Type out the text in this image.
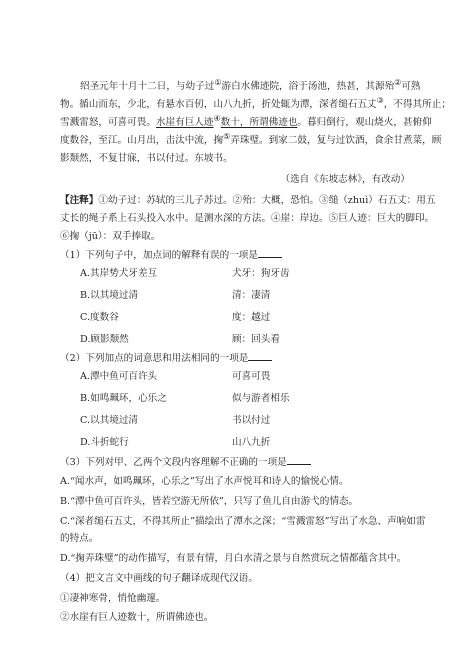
绍圣元年十月十二日，与幼子过①游白水佛迹院，浴于汤池，热甚，其源殆②可熟
物。循山而东，少北，有悬水百仞，山八九折，折处辄为潭，深者缒石五丈③，不得其所止；
雪溅雷怒，可喜可畏。水崖有巨人迹④数十，所谓佛迹也。暮归倒行，观山烧火，甚俯仰
度数谷，至江。山月出，击汰中流，掬⑤弄珠璧。到家二鼓，复与过饮酒，食余甘煮菜，顾
影颓然，不复甘寐，书以付过。东坡书。
（选自《东坡志林》，有改动）
【注释】①幼子过：苏轼的三儿子苏过。②殆：大概，恐怕。③缒（zhuì）石五丈：用五
丈长的绳子系上石头投入水中。是测水深的方法。④崖：岸边。⑤巨人迹：巨大的脚印。
⑥掬（jū）：双手捧取。
（1）下列句子中，加点词的解释有误的一项是
A.其岸势犬牙差互	犬牙：狗牙齿
B.以其境过清	清：凄清
C.度数谷	度：越过
D.顾影颓然	顾：回头看
（2）下列加点的词意思和用法相同的一项是
A.潭中鱼可百许头	可喜可畏
B.如鸣珮环，心乐之	似与游者相乐
C.以其境过清	书以付过
D.斗折蛇行	山八九折
（3）下列对甲、乙两个文段内容理解不正确的一项是
A.“闻水声，如鸣珮环，心乐之”写出了水声悦耳和诗人的愉悦心情。
B.“潭中鱼可百许头，皆若空游无所依”，只写了鱼儿自由游弋的情态。
C.“深者缒石五丈，不得其所止”描绘出了潭水之深；“雪溅雷怒”写出了水急、声响如雷
的特点。
D.“掬弄珠璧”的动作描写，有景有情，月白水清之景与自然赏玩之情都蕴含其中。
（4）把文言文中画线的句子翻译成现代汉语。
①凄神寒骨，悄怆幽邃。
②水崖有巨人迹数十，所谓佛迹也。
